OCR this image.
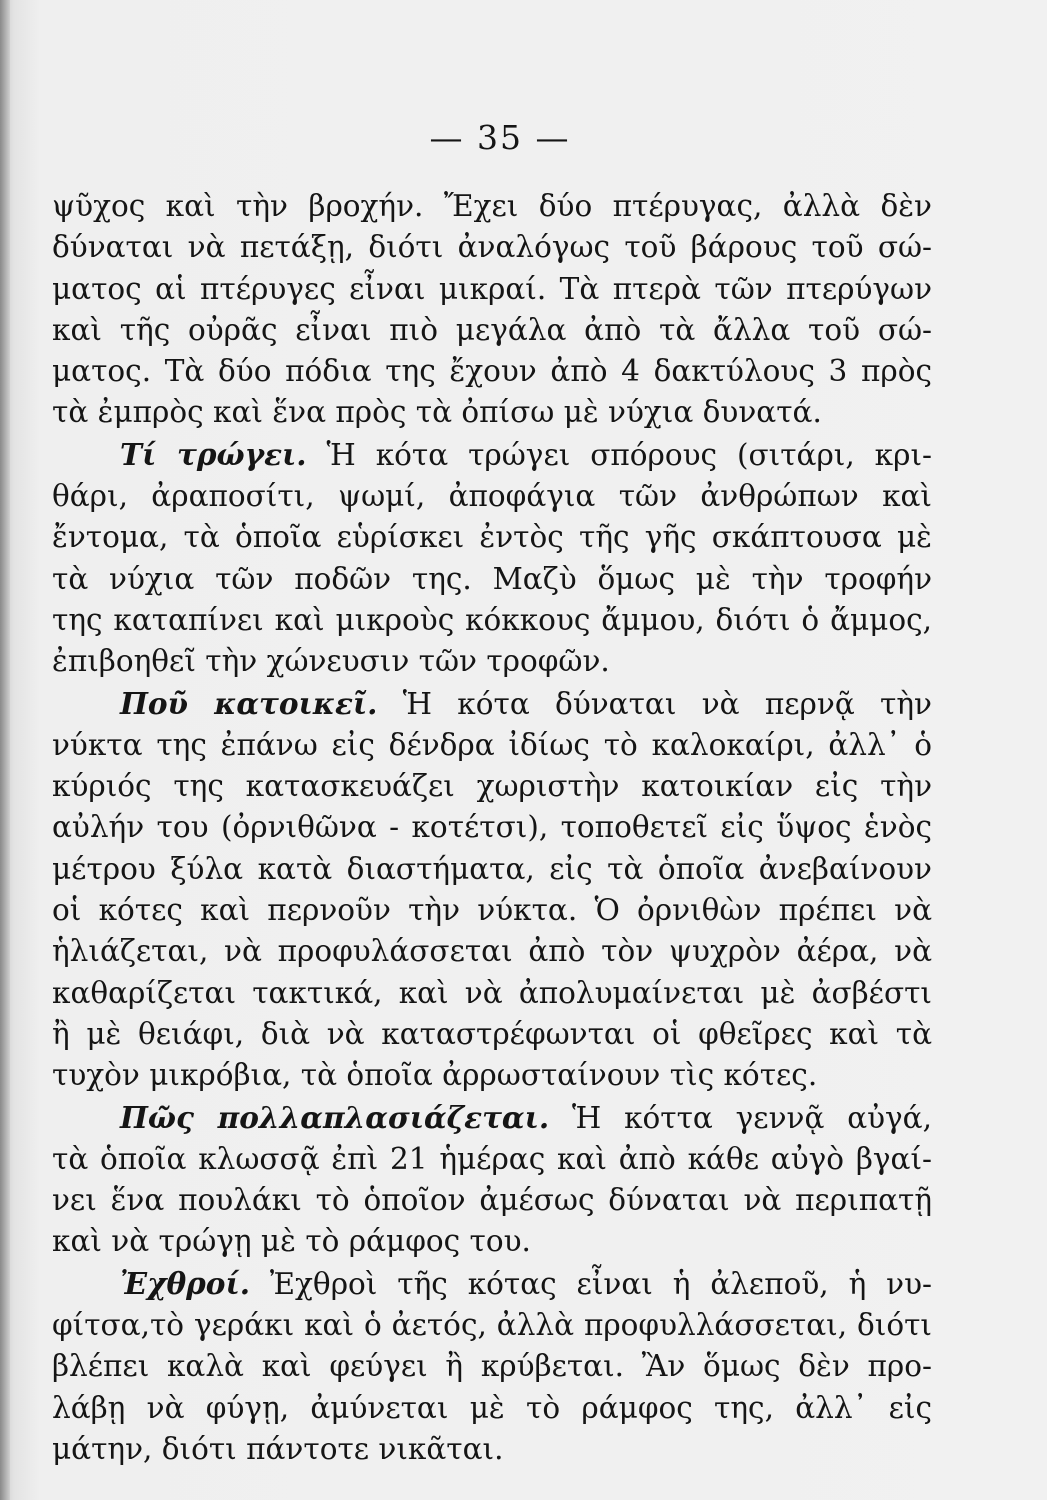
— 35 —
ψῦχος καὶ τὴν βροχήν. Ἔχει δύο πτέρυγας, ἀλλὰ δὲν
δύναται νὰ πετάξῃ, διότι ἀναλόγως τοῦ βάρους τοῦ σώ-
ματος αἱ πτέρυγες εἶναι μικραί. Τὰ πτερὰ τῶν πτερύγων
καὶ τῆς οὐρᾶς εἶναι πιὸ μεγάλα ἀπὸ τὰ ἄλλα τοῦ σώ-
ματος. Τὰ δύο πόδια της ἔχουν ἀπὸ 4 δακτύλους 3 πρὸς
τὰ ἐμπρὸς καὶ ἕνα πρὸς τὰ ὀπίσω μὲ νύχια δυνατά.
Τί τρώγει. Ἡ κότα τρώγει σπόρους (σιτάρι, κρι-
θάρι, ἀραποσίτι, ψωμί, ἀποφάγια τῶν ἀνθρώπων καὶ
ἔντομα, τὰ ὁποῖα εὑρίσκει ἐντὸς τῆς γῆς σκάπτουσα μὲ
τὰ νύχια τῶν ποδῶν της. Μαζὺ ὅμως μὲ τὴν τροφήν
της καταπίνει καὶ μικροὺς κόκκους ἄμμου, διότι ὁ ἄμμος,
ἐπιβοηθεῖ τὴν χώνευσιν τῶν τροφῶν.
Ποῦ κατοικεῖ. Ἡ κότα δύναται νὰ περνᾷ τὴν
νύκτα της ἐπάνω εἰς δένδρα ἰδίως τὸ καλοκαίρι, ἀλλ᾽ ὁ
κύριός της κατασκευάζει χωριστὴν κατοικίαν εἰς τὴν
αὐλήν του (ὀρνιθῶνα - κοτέτσι), τοποθετεῖ εἰς ὕψος ἑνὸς
μέτρου ξύλα κατὰ διαστήματα, εἰς τὰ ὁποῖα ἀνεβαίνουν
οἱ κότες καὶ περνοῦν τὴν νύκτα. Ὁ ὀρνιθὼν πρέπει νὰ
ἡλιάζεται, νὰ προφυλάσσεται ἀπὸ τὸν ψυχρὸν ἀέρα, νὰ
καθαρίζεται τακτικά, καὶ νὰ ἀπολυμαίνεται μὲ ἀσβέστι
ἢ μὲ θειάφι, διὰ νὰ καταστρέφωνται οἱ φθεῖρες καὶ τὰ
τυχὸν μικρόβια, τὰ ὁποῖα ἀρρωσταίνουν τὶς κότες.
Πῶς πολλαπλασιάζεται. Ἡ κόττα γεννᾷ αὐγά,
τὰ ὁποῖα κλωσσᾷ ἐπὶ 21 ἡμέρας καὶ ἀπὸ κάθε αὐγὸ βγαί-
νει ἕνα πουλάκι τὸ ὁποῖον ἀμέσως δύναται νὰ περιπατῇ
καὶ νὰ τρώγῃ μὲ τὸ ράμφος του.
Ἐχθροί. Ἐχθροὶ τῆς κότας εἶναι ἡ ἀλεποῦ, ἡ νυ-
φίτσα,τὸ γεράκι καὶ ὁ ἀετός, ἀλλὰ προφυλλάσσεται, διότι
βλέπει καλὰ καὶ φεύγει ἢ κρύβεται. Ἂν ὅμως δὲν προ-
λάβῃ νὰ φύγῃ, ἀμύνεται μὲ τὸ ράμφος της, ἀλλ᾽ εἰς
μάτην, διότι πάντοτε νικᾶται.
